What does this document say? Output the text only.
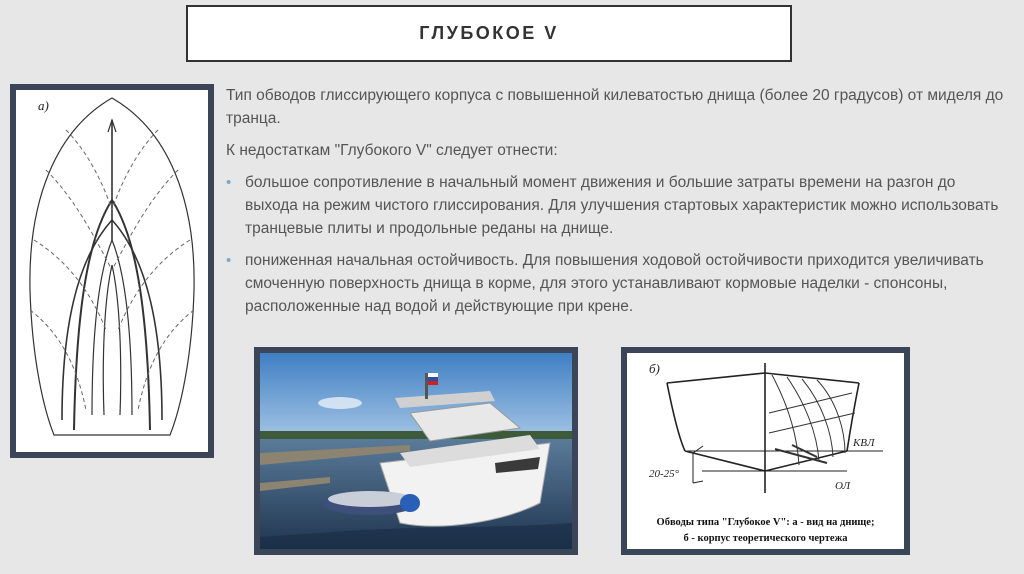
ГЛУБОКОЕ V
а)

Тип обводов глиссирующего корпуса с повышенной килеватостью днища (более 20 градусов) от миделя до транца.

К недостаткам "Глубокого V" следует отнести:

• большое сопротивление в начальный момент движения и большие затраты времени на разгон до выхода на режим чистого глиссирования. Для улучшения стартовых характеристик можно использовать транцевые плиты и продольные реданы на днище.
• пониженная начальная остойчивость. Для повышения ходовой остойчивости приходится увеличивать смоченную поверхность днища в корме, для этого устанавливают кормовые наделки - спонсоны, расположенные над водой и действующие при крене.
б)
20-25°
КВЛ
ОЛ
Обводы типа "Глубокое V": а - вид на днище;
б - корпус теоретического чертежа
